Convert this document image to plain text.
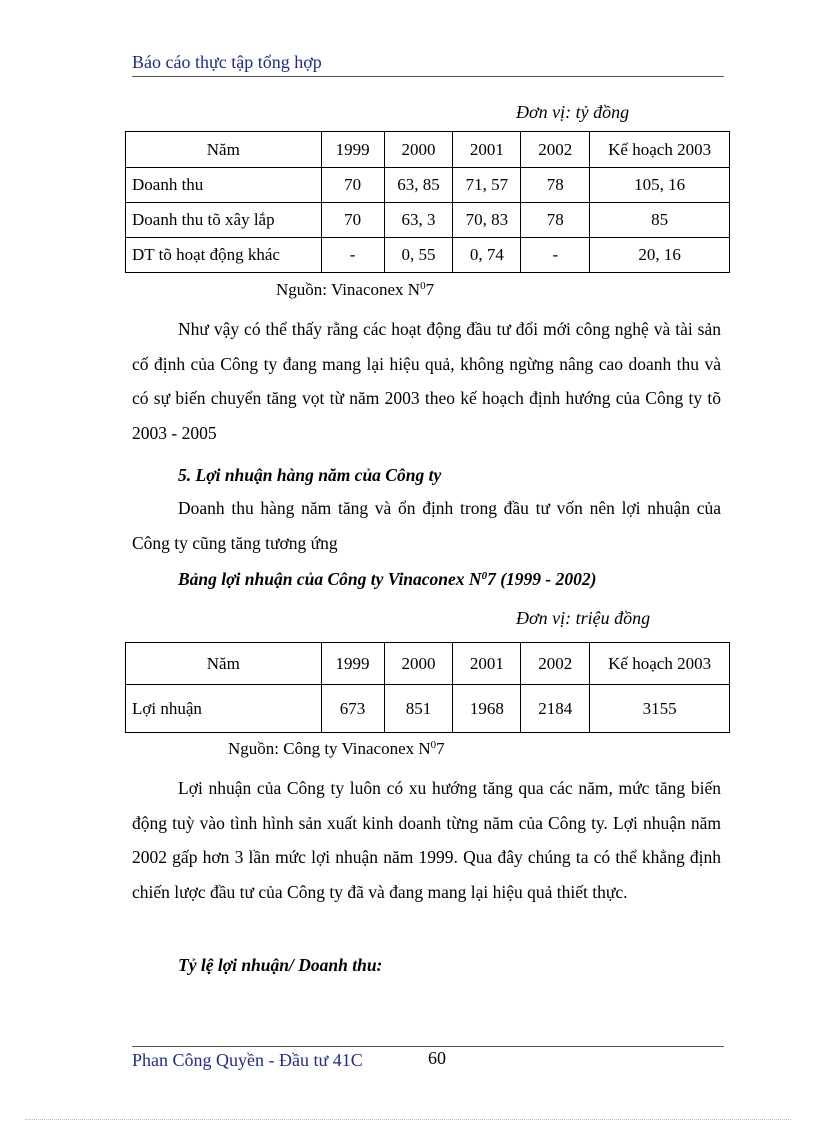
Báo cáo thực tập tổng hợp
Đơn vị: tỷ đồng
Năm	1999	2000	2001	2002	Kế hoạch 2003
Doanh thu	70	63, 85	71, 57	78	105, 16
Doanh thu tõ xây lắp	70	63, 3	70, 83	78	85
DT tõ hoạt động khác	-	0, 55	0, 74	-	20, 16
Nguồn: Vinaconex $N^07$
Như vậy có thể thấy rằng các hoạt động đầu tư đổi mới công nghệ và tài sản cố định của Công ty đang mang lại hiệu quả, không ngừng nâng cao doanh thu và có sự biến chuyển tăng vọt từ năm 2003 theo kế hoạch định hướng của Công ty tõ 2003 - 2005
5. Lợi nhuận hàng năm của Công ty
Doanh thu hàng năm tăng và ổn định trong đầu tư vốn nên lợi nhuận của Công ty cũng tăng tương ứng
Bảng lợi nhuận của Công ty Vinaconex $N^07$ (1999 - 2002)
Đơn vị: triệu đồng
Năm	1999	2000	2001	2002	Kế hoạch 2003
Lợi nhuận	673	851	1968	2184	3155
Nguồn: Công ty Vinaconex $N^07$
Lợi nhuận của Công ty luôn có xu hướng tăng qua các năm, mức tăng biến động tuỳ vào tình hình sản xuất kinh doanh từng năm của Công ty. Lợi nhuận năm 2002 gấp hơn 3 lần mức lợi nhuận năm 1999. Qua đây chúng ta có thể khẳng định chiến lược đầu tư của Công ty đã và đang mang lại hiệu quả thiết thực.
Tỷ lệ lợi nhuận/ Doanh thu:
Phan Công Quyền - Đầu tư 41C	60
